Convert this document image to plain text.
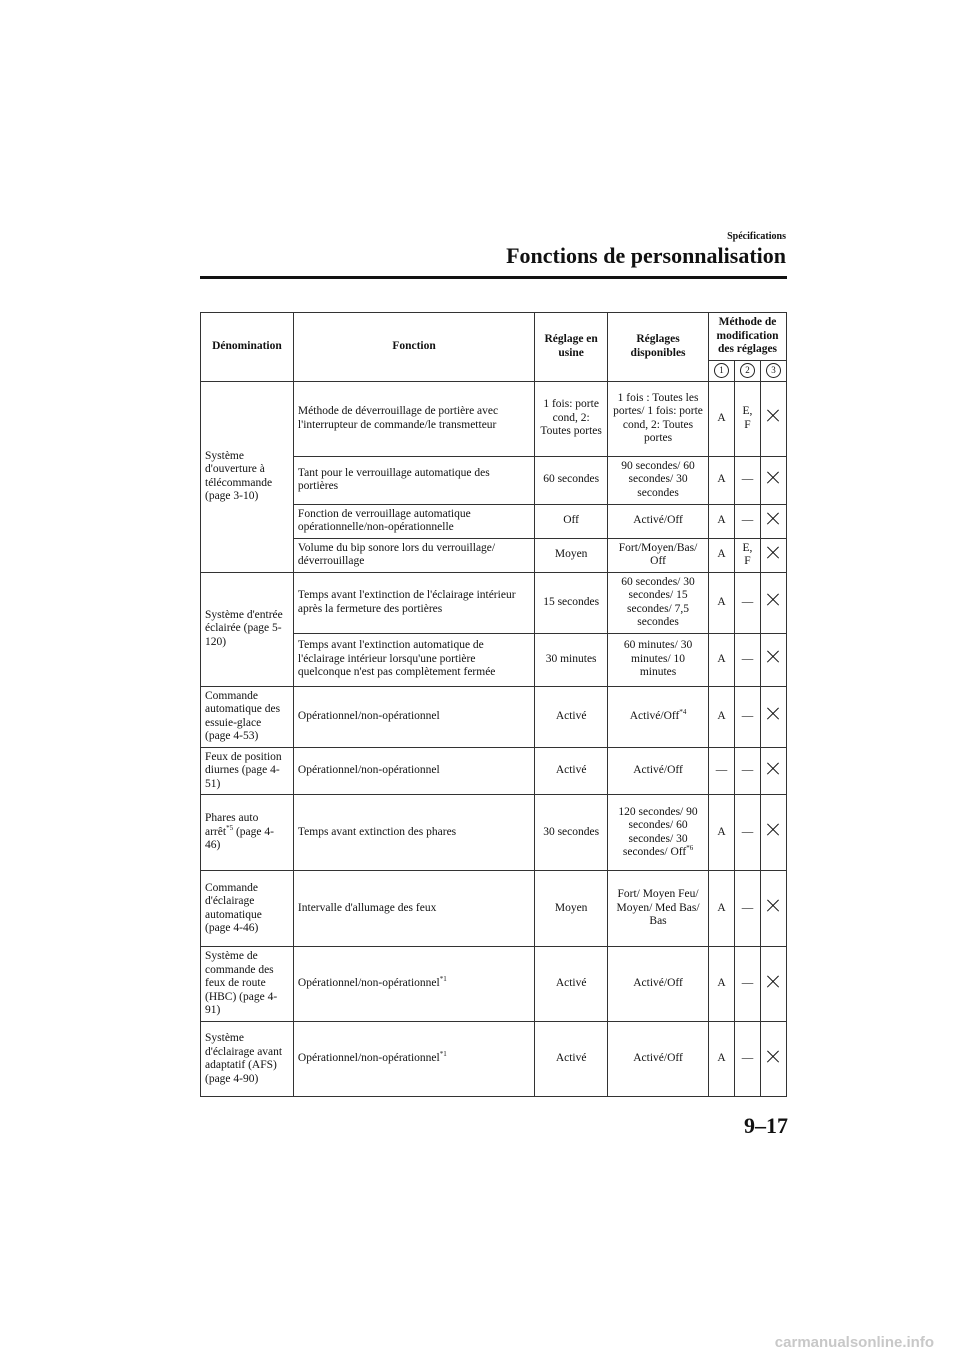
Spécifications
Fonctions de personnalisation
Dénomination	Fonction	Réglage en usine	Réglages disponibles	Méthode de modification des réglages		
				1	2	3
Système d'ouverture à télécommande (page 3-10)	Méthode de déverrouillage de portière avec l'interrupteur de commande/le transmetteur	1 fois: porte cond, 2: Toutes portes	1 fois : Toutes les portes/ 1 fois: porte cond, 2: Toutes portes	A	E, F	
	Tant pour le verrouillage automatique des portières	60 secondes	90 secondes/ 60 secondes/ 30 secondes	A	—	
	Fonction de verrouillage automatique opérationnelle/non-opérationnelle	Off	Activé/Off	A	—	
	Volume du bip sonore lors du verrouillage/ déverrouillage	Moyen	Fort/Moyen/Bas/ Off	A	E, F	
Système d'entrée éclairée (page 5-120)	Temps avant l'extinction de l'éclairage intérieur après la fermeture des portières	15 secondes	60 secondes/ 30 secondes/ 15 secondes/ 7,5 secondes	A	—	
	Temps avant l'extinction automatique de l'éclairage intérieur lorsqu'une portière quelconque n'est pas complètement fermée	30 minutes	60 minutes/ 30 minutes/ 10 minutes	A	—	
Commande automatique des essuie-glace (page 4-53)	Opérationnel/non-opérationnel	Activé	Activé/Off$^{*4}$	A	—	
Feux de position diurnes (page 4-51)	Opérationnel/non-opérationnel	Activé	Activé/Off	—	—	
Phares auto arrêt$^{*5}$ (page 4-46)	Temps avant extinction des phares	30 secondes	120 secondes/ 90 secondes/ 60 secondes/ 30 secondes/ Off$^{*6}$	A	—	
Commande d'éclairage automatique (page 4-46)	Intervalle d'allumage des feux	Moyen	Fort/ Moyen Feu/ Moyen/ Med Bas/ Bas	A	—	
Système de commande des feux de route (HBC) (page 4-91)	Opérationnel/non-opérationnel$^{*1}$	Activé	Activé/Off	A	—	
Système d'éclairage avant adaptatif (AFS) (page 4-90)	Opérationnel/non-opérationnel$^{*1}$	Activé	Activé/Off	A	—	
9–17
carmanualsonline.info
